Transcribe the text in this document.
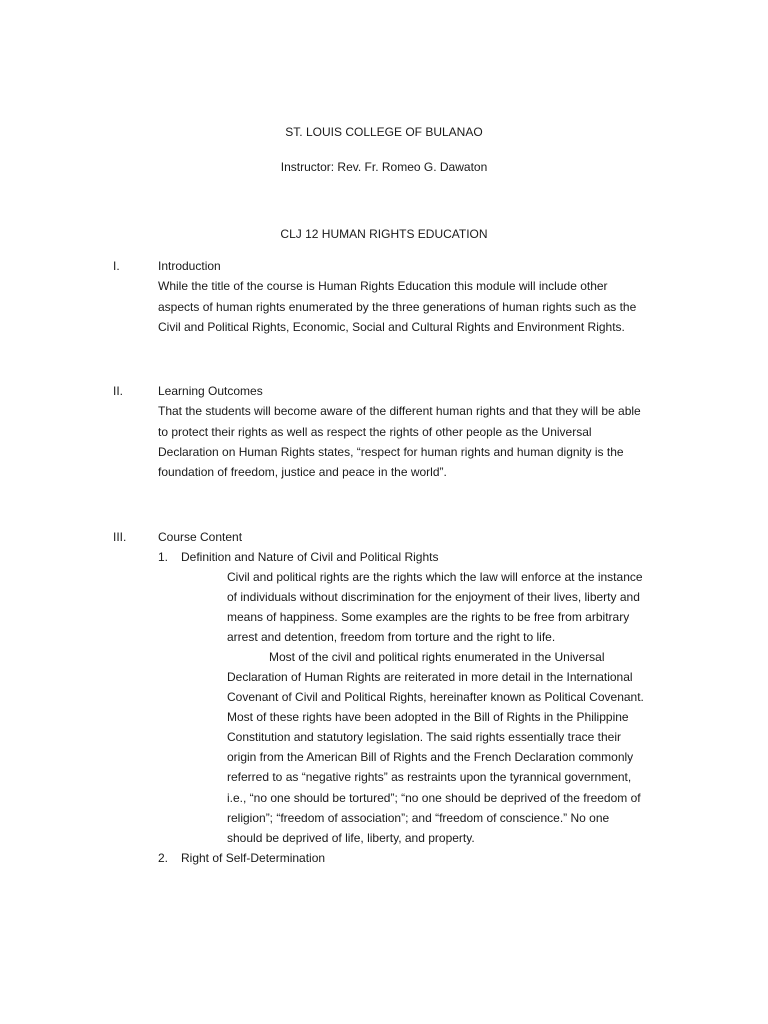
ST. LOUIS COLLEGE OF BULANAO
Instructor: Rev. Fr. Romeo G. Dawaton
CLJ 12 HUMAN RIGHTS EDUCATION
I.	Introduction
While the title of the course is Human Rights Education this module will include other
aspects of human rights enumerated by the three generations of human rights such as the
Civil and Political Rights, Economic, Social and Cultural Rights and Environment Rights.
II.	Learning Outcomes
That the students will become aware of the different human rights and that they will be able
to protect their rights as well as respect the rights of other people as the Universal
Declaration on Human Rights states, “respect for human rights and human dignity is the
foundation of freedom, justice and peace in the world”.
III.	Course Content
1. Definition and Nature of Civil and Political Rights
Civil and political rights are the rights which the law will enforce at the instance
of individuals without discrimination for the enjoyment of their lives, liberty and
means of happiness. Some examples are the rights to be free from arbitrary
arrest and detention, freedom from torture and the right to life.
Most of the civil and political rights enumerated in the Universal
Declaration of Human Rights are reiterated in more detail in the International
Covenant of Civil and Political Rights, hereinafter known as Political Covenant.
Most of these rights have been adopted in the Bill of Rights in the Philippine
Constitution and statutory legislation. The said rights essentially trace their
origin from the American Bill of Rights and the French Declaration commonly
referred to as “negative rights” as restraints upon the tyrannical government,
i.e., “no one should be tortured”; “no one should be deprived of the freedom of
religion”; “freedom of association”; and “freedom of conscience.” No one
should be deprived of life, liberty, and property.
2. Right of Self-Determination
